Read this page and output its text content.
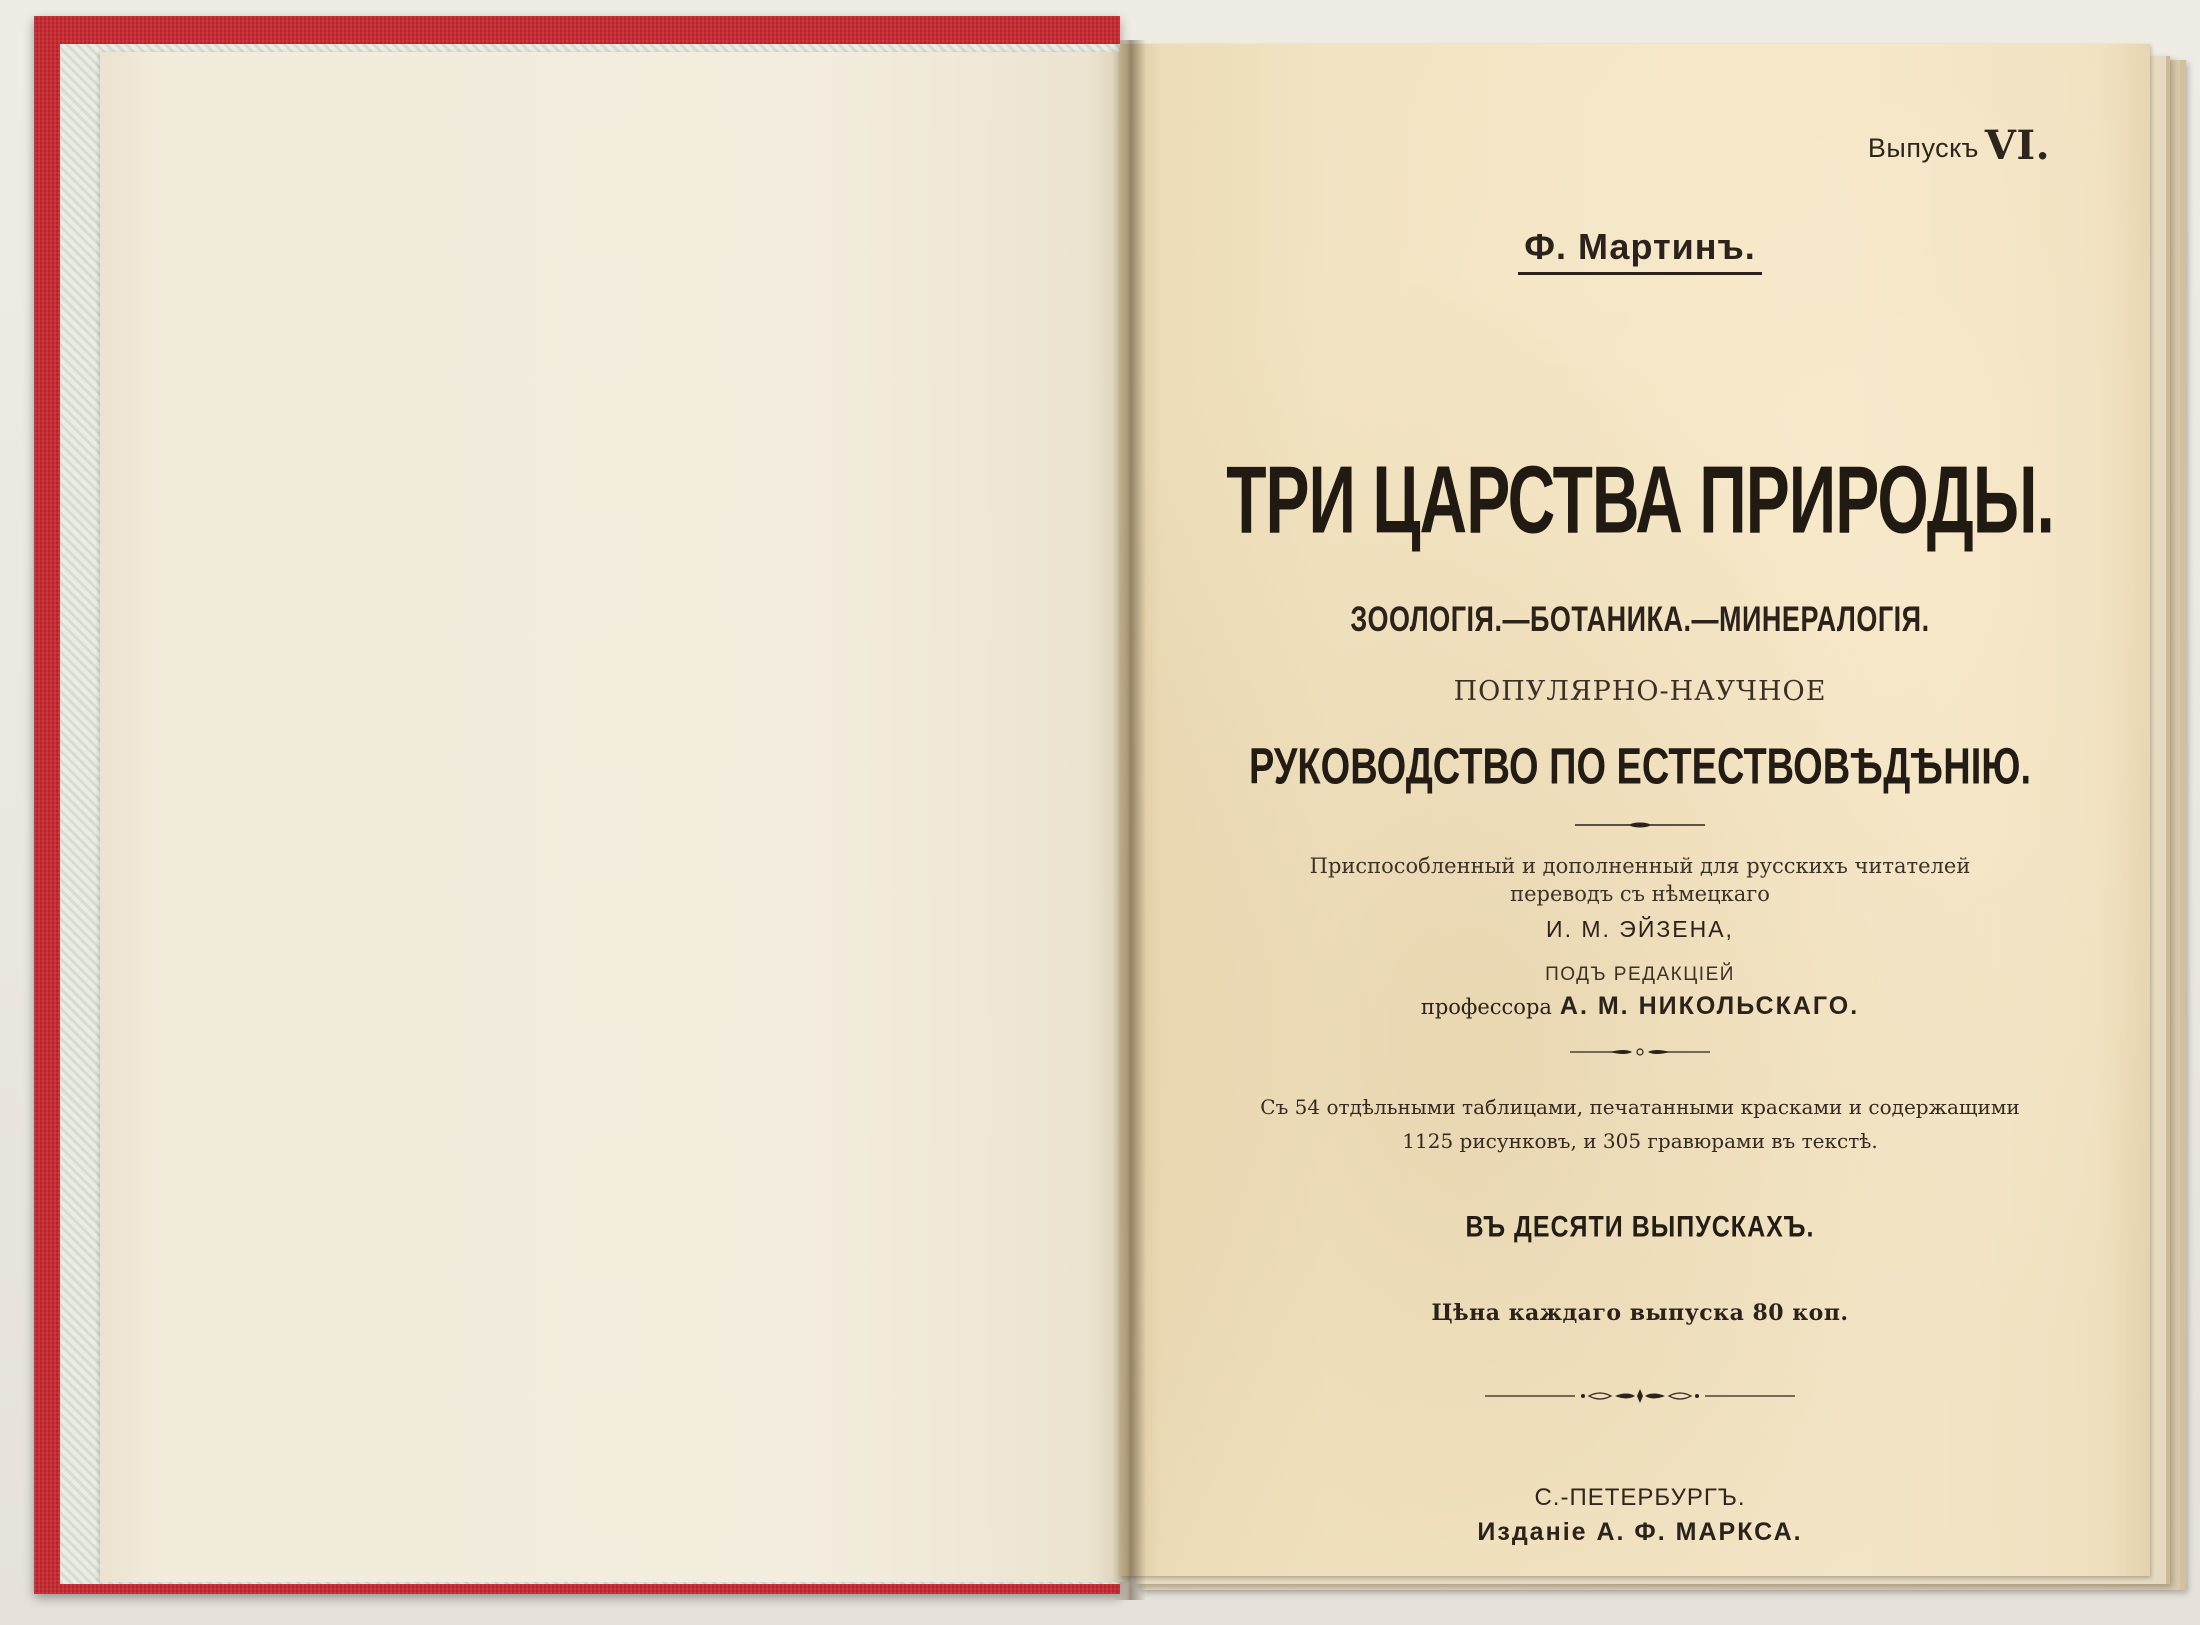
Выпускъ VI.
Ф. Мартинъ.
ТРИ ЦАРСТВА ПРИРОДЫ.
ЗООЛОГІЯ.—БОТАНИКА.—МИНЕРАЛОГІЯ.
ПОПУЛЯРНО-НАУЧНОЕ
РУКОВОДСТВО ПО ЕСТЕСТВОВѢДѢНІЮ.
Приспособленный и дополненный для русскихъ читателей
переводъ съ нѣмецкаго
И. М. ЭЙЗЕНА,
ПОДЪ РЕДАКЦІЕЙ
профессора А. М. НИКОЛЬСКАГО.
Съ 54 отдѣльными таблицами, печатанными красками и содержащими
1125 рисунковъ, и 305 гравюрами въ текстѣ.
ВЪ ДЕСЯТИ ВЫПУСКАХЪ.
Цѣна каждаго выпуска 80 коп.
С.-ПЕТЕРБУРГЪ.
Изданіе А. Ф. МАРКСА.
